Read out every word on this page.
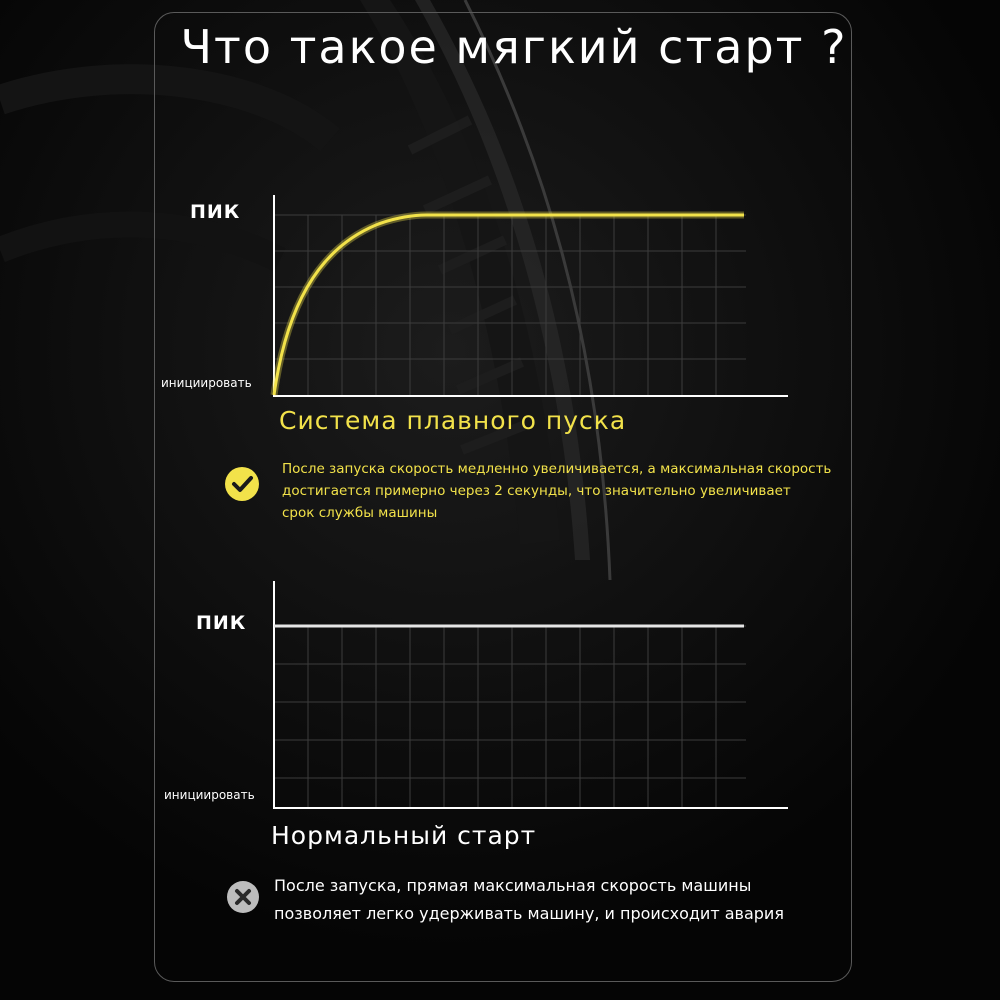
Что такое мягкий старт ?
ПИК
инициировать
Система плавного пуска
После запуска скорость медленно увеличивается, а максимальная скорость
достигается примерно через 2 секунды, что значительно увеличивает
срок службы машины
ПИК
инициировать
Нормальный старт
После запуска, прямая максимальная скорость машины
позволяет легко удерживать машину, и происходит авария
